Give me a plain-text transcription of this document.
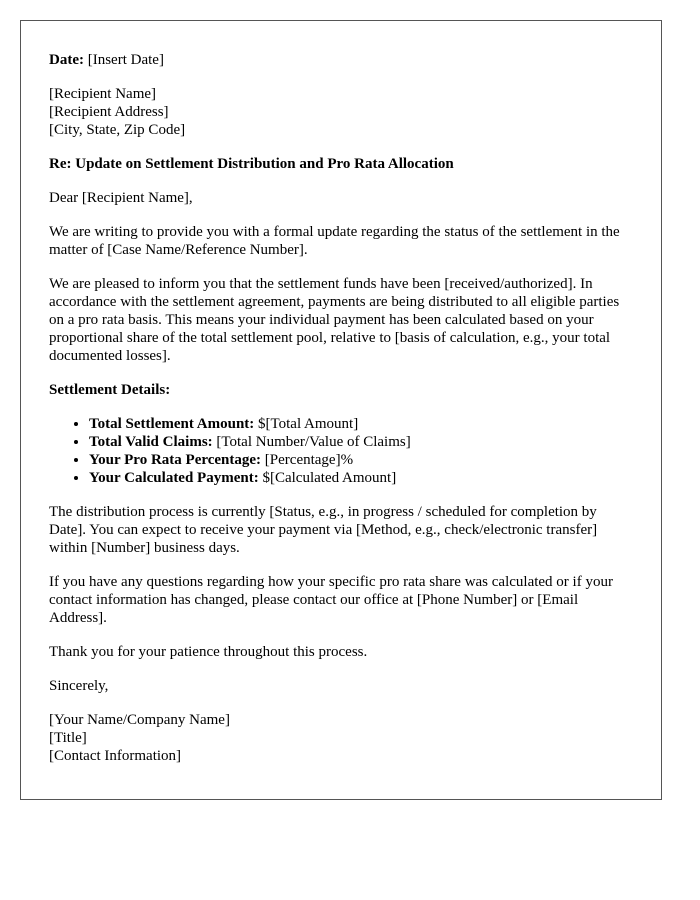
Date: [Insert Date]

[Recipient Name]
[Recipient Address]
[City, State, Zip Code]

Re: Update on Settlement Distribution and Pro Rata Allocation

Dear [Recipient Name],

We are writing to provide you with a formal update regarding the status of the settlement in the matter of [Case Name/Reference Number].

We are pleased to inform you that the settlement funds have been [received/authorized]. In accordance with the settlement agreement, payments are being distributed to all eligible parties on a pro rata basis. This means your individual payment has been calculated based on your proportional share of the total settlement pool, relative to [basis of calculation, e.g., your total documented losses].

Settlement Details:

• Total Settlement Amount: $[Total Amount]
• Total Valid Claims: [Total Number/Value of Claims]
• Your Pro Rata Percentage: [Percentage]%
• Your Calculated Payment: $[Calculated Amount]

The distribution process is currently [Status, e.g., in progress / scheduled for completion by Date]. You can expect to receive your payment via [Method, e.g., check/electronic transfer] within [Number] business days.

If you have any questions regarding how your specific pro rata share was calculated or if your contact information has changed, please contact our office at [Phone Number] or [Email Address].

Thank you for your patience throughout this process.

Sincerely,

[Your Name/Company Name]
[Title]
[Contact Information]
